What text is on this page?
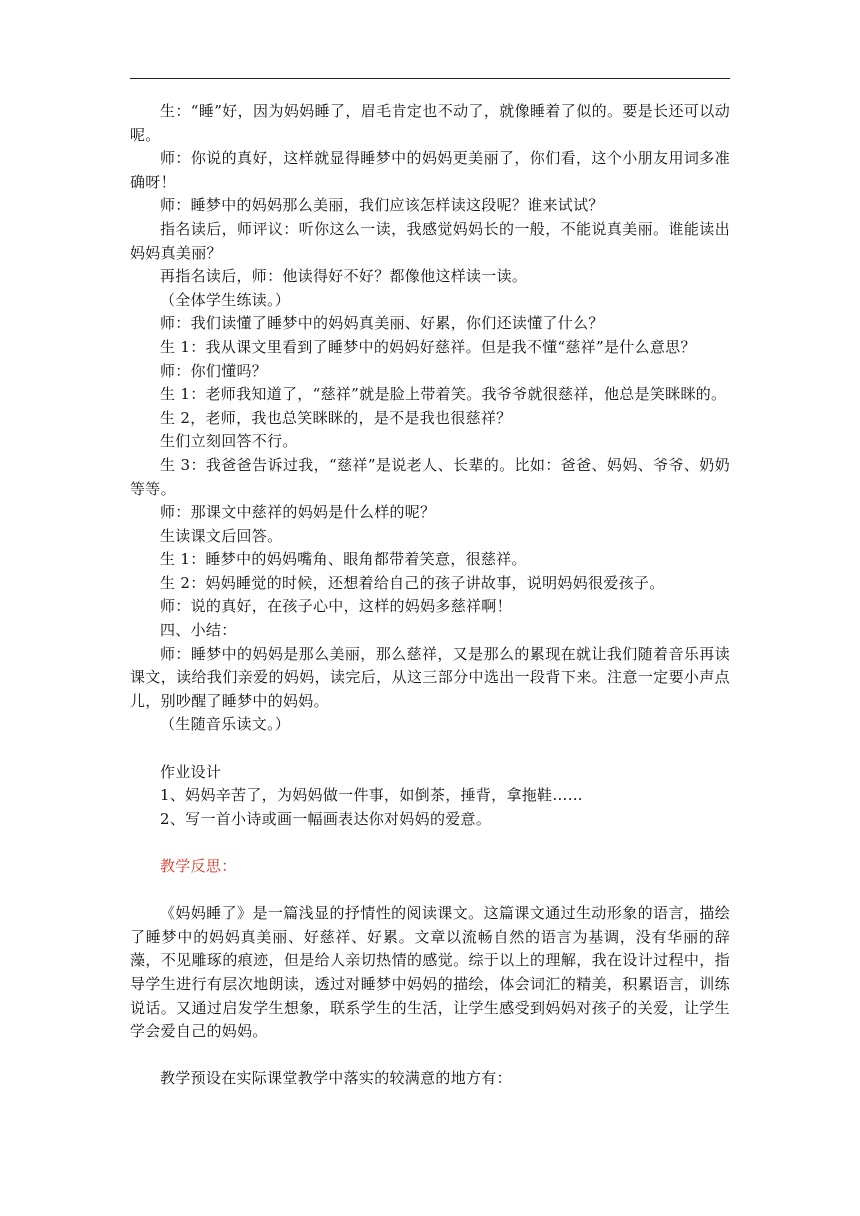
生：“睡”好，因为妈妈睡了，眉毛肯定也不动了，就像睡着了似的。要是长还可以动呢。

师：你说的真好，这样就显得睡梦中的妈妈更美丽了，你们看，这个小朋友用词多准确呀！

师：睡梦中的妈妈那么美丽，我们应该怎样读这段呢？谁来试试？

指名读后，师评议：听你这么一读，我感觉妈妈长的一般，不能说真美丽。谁能读出妈妈真美丽？

再指名读后，师：他读得好不好？都像他这样读一读。

（全体学生练读。）

师：我们读懂了睡梦中的妈妈真美丽、好累，你们还读懂了什么？

生 1：我从课文里看到了睡梦中的妈妈好慈祥。但是我不懂“慈祥”是什么意思？

师：你们懂吗？

生 1：老师我知道了，“慈祥”就是脸上带着笑。我爷爷就很慈祥，他总是笑眯眯的。

生 2，老师，我也总笑眯眯的，是不是我也很慈祥？

生们立刻回答不行。

生 3：我爸爸告诉过我，“慈祥”是说老人、长辈的。比如：爸爸、妈妈、爷爷、奶奶等等。

师：那课文中慈祥的妈妈是什么样的呢？

生读课文后回答。

生 1：睡梦中的妈妈嘴角、眼角都带着笑意，很慈祥。

生 2：妈妈睡觉的时候，还想着给自己的孩子讲故事，说明妈妈很爱孩子。

师：说的真好，在孩子心中，这样的妈妈多慈祥啊！

四、小结：

师：睡梦中的妈妈是那么美丽，那么慈祥，又是那么的累现在就让我们随着音乐再读课文，读给我们亲爱的妈妈，读完后，从这三部分中选出一段背下来。注意一定要小声点儿，别吵醒了睡梦中的妈妈。

（生随音乐读文。）

作业设计

1、妈妈辛苦了，为妈妈做一件事，如倒茶，捶背，拿拖鞋……

2、写一首小诗或画一幅画表达你对妈妈的爱意。

教学反思：

《妈妈睡了》是一篇浅显的抒情性的阅读课文。这篇课文通过生动形象的语言，描绘了睡梦中的妈妈真美丽、好慈祥、好累。文章以流畅自然的语言为基调，没有华丽的辞藻，不见雕琢的痕迹，但是给人亲切热情的感觉。综于以上的理解，我在设计过程中，指导学生进行有层次地朗读，透过对睡梦中妈妈的描绘，体会词汇的精美，积累语言，训练说话。又通过启发学生想象，联系学生的生活，让学生感受到妈妈对孩子的关爱，让学生学会爱自己的妈妈。

教学预设在实际课堂教学中落实的较满意的地方有：
